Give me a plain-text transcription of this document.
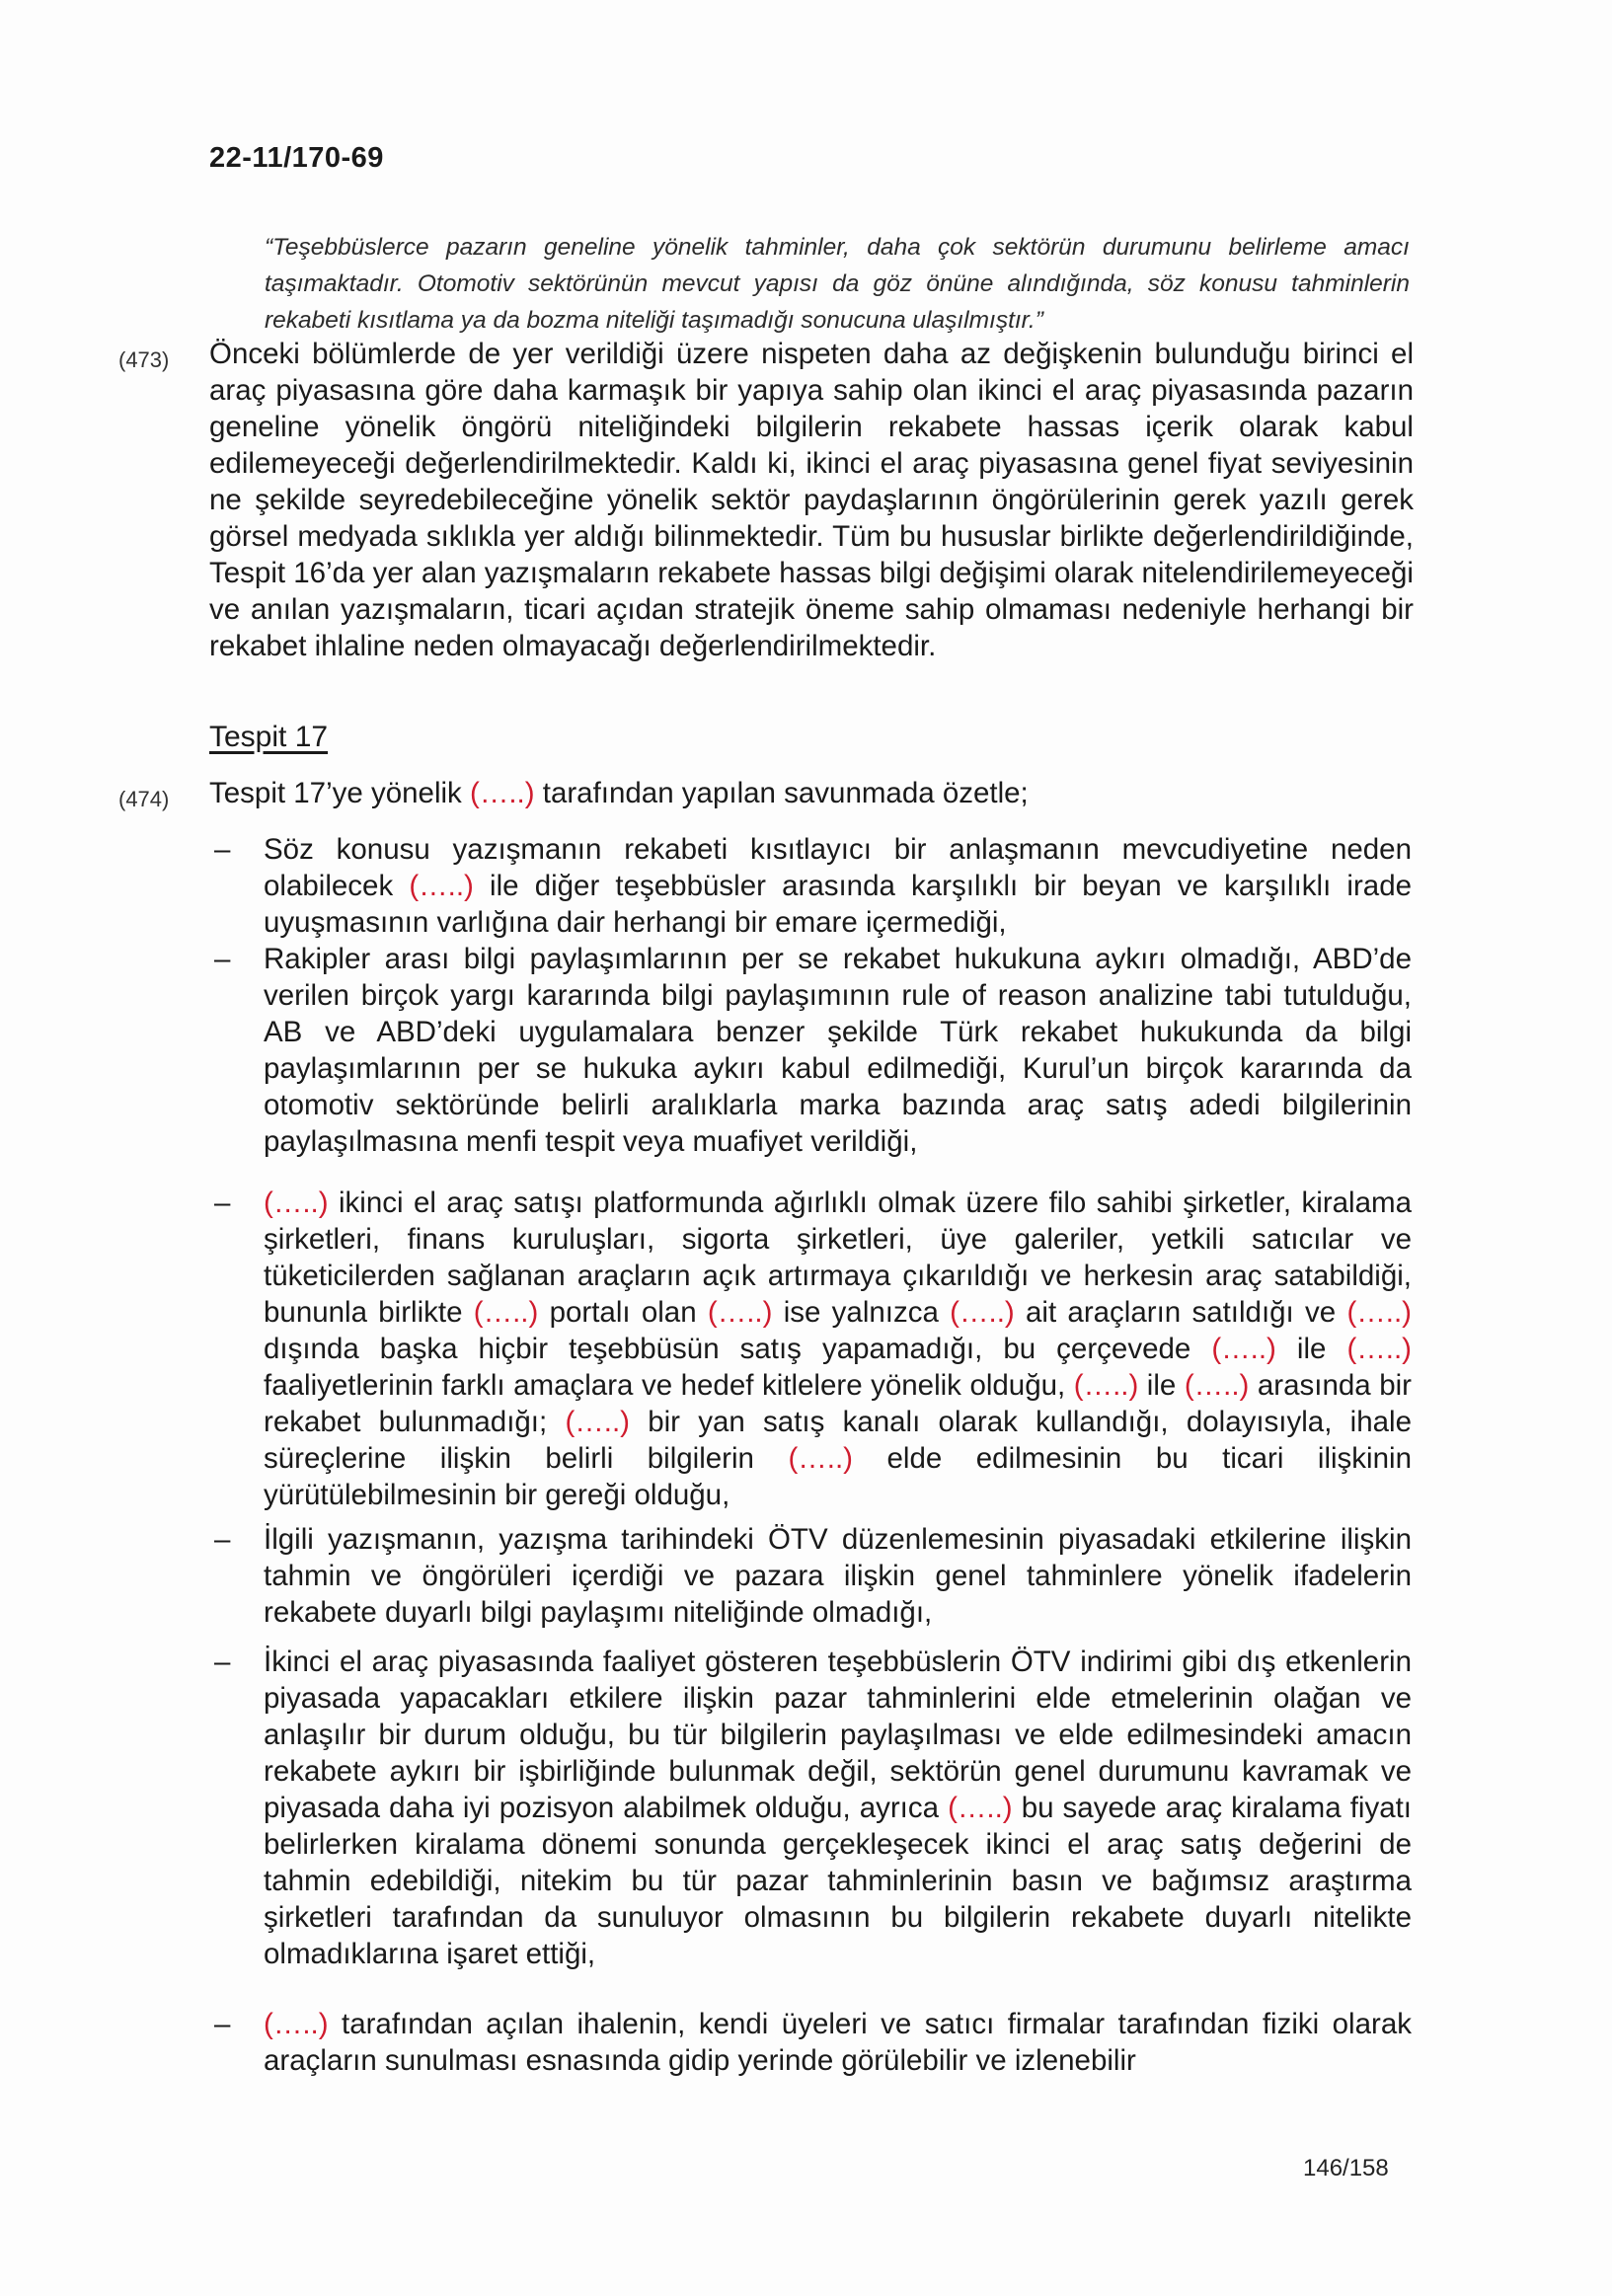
22-11/170-69
“Teşebbüslerce pazarın geneline yönelik tahminler, daha çok sektörün durumunu belirleme amacı taşımaktadır. Otomotiv sektörünün mevcut yapısı da göz önüne alındığında, söz konusu tahminlerin rekabeti kısıtlama ya da bozma niteliği taşımadığı sonucuna ulaşılmıştır.”
(473) Önceki bölümlerde de yer verildiği üzere nispeten daha az değişkenin bulunduğu birinci el araç piyasasına göre daha karmaşık bir yapıya sahip olan ikinci el araç piyasasında pazarın geneline yönelik öngörü niteliğindeki bilgilerin rekabete hassas içerik olarak kabul edilemeyeceği değerlendirilmektedir. Kaldı ki, ikinci el araç piyasasına genel fiyat seviyesinin ne şekilde seyredebileceğine yönelik sektör paydaşlarının öngörülerinin gerek yazılı gerek görsel medyada sıklıkla yer aldığı bilinmektedir. Tüm bu hususlar birlikte değerlendirildiğinde, Tespit 16’da yer alan yazışmaların rekabete hassas bilgi değişimi olarak nitelendirilemeyeceği ve anılan yazışmaların, ticari açıdan stratejik öneme sahip olmaması nedeniyle herhangi bir rekabet ihlaline neden olmayacağı değerlendirilmektedir.
Tespit 17
(474) Tespit 17’ye yönelik (…..) tarafından yapılan savunmada özetle;
– Söz konusu yazışmanın rekabeti kısıtlayıcı bir anlaşmanın mevcudiyetine neden olabilecek (…..) ile diğer teşebbüsler arasında karşılıklı bir beyan ve karşılıklı irade uyuşmasının varlığına dair herhangi bir emare içermediği,
– Rakipler arası bilgi paylaşımlarının per se rekabet hukukuna aykırı olmadığı, ABD’de verilen birçok yargı kararında bilgi paylaşımının rule of reason analizine tabi tutulduğu, AB ve ABD’deki uygulamalara benzer şekilde Türk rekabet hukukunda da bilgi paylaşımlarının per se hukuka aykırı kabul edilmediği, Kurul’un birçok kararında da otomotiv sektöründe belirli aralıklarla marka bazında araç satış adedi bilgilerinin paylaşılmasına menfi tespit veya muafiyet verildiği,
– (…..) ikinci el araç satışı platformunda ağırlıklı olmak üzere filo sahibi şirketler, kiralama şirketleri, finans kuruluşları, sigorta şirketleri, üye galeriler, yetkili satıcılar ve tüketicilerden sağlanan araçların açık artırmaya çıkarıldığı ve herkesin araç satabildiği, bununla birlikte (…..) portalı olan (…..) ise yalnızca (…..) ait araçların satıldığı ve (…..) dışında başka hiçbir teşebbüsün satış yapamadığı, bu çerçevede (…..) ile (…..) faaliyetlerinin farklı amaçlara ve hedef kitlelere yönelik olduğu, (…..) ile (…..) arasında bir rekabet bulunmadığı; (…..) bir yan satış kanalı olarak kullandığı, dolayısıyla, ihale süreçlerine ilişkin belirli bilgilerin (…..) elde edilmesinin bu ticari ilişkinin yürütülebilmesinin bir gereği olduğu,
– İlgili yazışmanın, yazışma tarihindeki ÖTV düzenlemesinin piyasadaki etkilerine ilişkin tahmin ve öngörüleri içerdiği ve pazara ilişkin genel tahminlere yönelik ifadelerin rekabete duyarlı bilgi paylaşımı niteliğinde olmadığı,
– İkinci el araç piyasasında faaliyet gösteren teşebbüslerin ÖTV indirimi gibi dış etkenlerin piyasada yapacakları etkilere ilişkin pazar tahminlerini elde etmelerinin olağan ve anlaşılır bir durum olduğu, bu tür bilgilerin paylaşılması ve elde edilmesindeki amacın rekabete aykırı bir işbirliğinde bulunmak değil, sektörün genel durumunu kavramak ve piyasada daha iyi pozisyon alabilmek olduğu, ayrıca (…..) bu sayede araç kiralama fiyatı belirlerken kiralama dönemi sonunda gerçekleşecek ikinci el araç satış değerini de tahmin edebildiği, nitekim bu tür pazar tahminlerinin basın ve bağımsız araştırma şirketleri tarafından da sunuluyor olmasının bu bilgilerin rekabete duyarlı nitelikte olmadıklarına işaret ettiği,
– (…..) tarafından açılan ihalenin, kendi üyeleri ve satıcı firmalar tarafından fiziki olarak araçların sunulması esnasında gidip yerinde görülebilir ve izlenebilir
146/158
